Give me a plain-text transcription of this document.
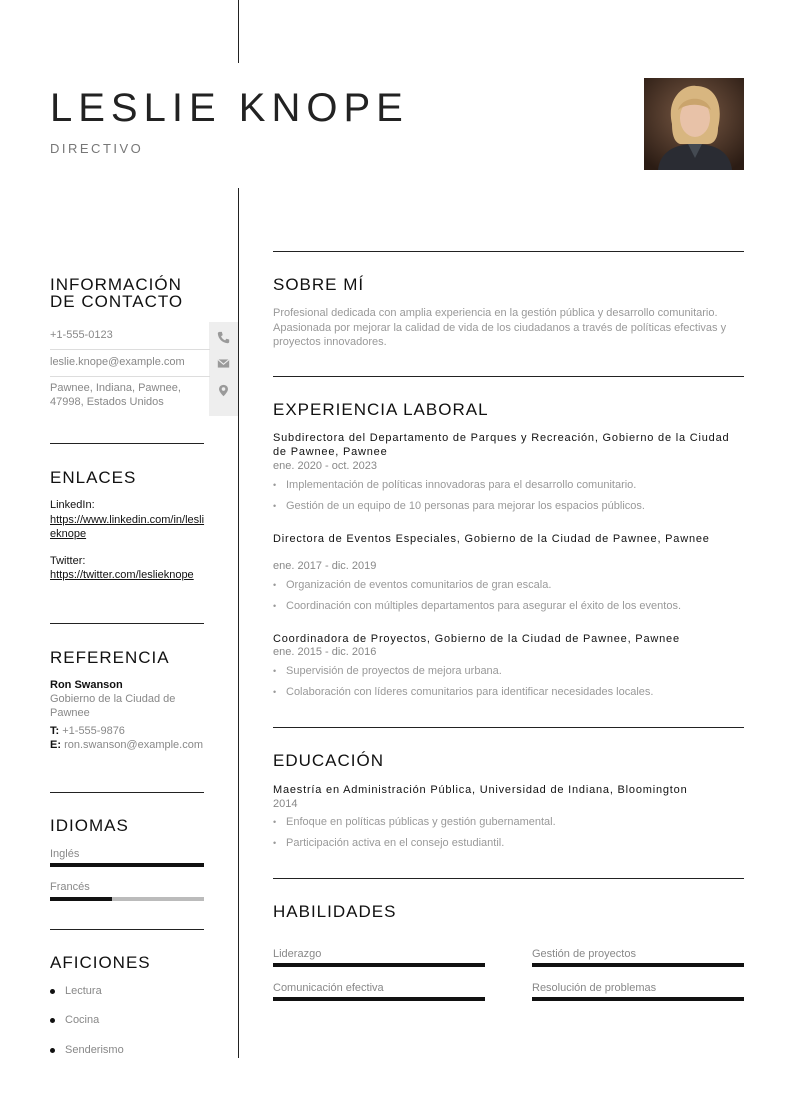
LESLIE KNOPE
DIRECTIVO
INFORMACIÓN DE CONTACTO
+1-555-0123
leslie.knope@example.com
Pawnee, Indiana, Pawnee, 47998, Estados Unidos
ENLACES
LinkedIn:
https://www.linkedin.com/in/leslieknope
Twitter:
https://twitter.com/leslieknope
REFERENCIA
Ron Swanson
Gobierno de la Ciudad de Pawnee
T: +1-555-9876
E: ron.swanson@example.com
IDIOMAS
Inglés
Francés
AFICIONES
Lectura
Cocina
Senderismo
SOBRE MÍ
Profesional dedicada con amplia experiencia en la gestión pública y desarrollo comunitario. Apasionada por mejorar la calidad de vida de los ciudadanos a través de políticas efectivas y proyectos innovadores.
EXPERIENCIA LABORAL
Subdirectora del Departamento de Parques y Recreación, Gobierno de la Ciudad de Pawnee, Pawnee
ene. 2020 - oct. 2023
• Implementación de políticas innovadoras para el desarrollo comunitario.
• Gestión de un equipo de 10 personas para mejorar los espacios públicos.
Directora de Eventos Especiales, Gobierno de la Ciudad de Pawnee, Pawnee
ene. 2017 - dic. 2019
• Organización de eventos comunitarios de gran escala.
• Coordinación con múltiples departamentos para asegurar el éxito de los eventos.
Coordinadora de Proyectos, Gobierno de la Ciudad de Pawnee, Pawnee
ene. 2015 - dic. 2016
• Supervisión de proyectos de mejora urbana.
• Colaboración con líderes comunitarios para identificar necesidades locales.
EDUCACIÓN
Maestría en Administración Pública, Universidad de Indiana, Bloomington
2014
• Enfoque en políticas públicas y gestión gubernamental.
• Participación activa en el consejo estudiantil.
HABILIDADES
Liderazgo	Gestión de proyectos
Comunicación efectiva	Resolución de problemas
